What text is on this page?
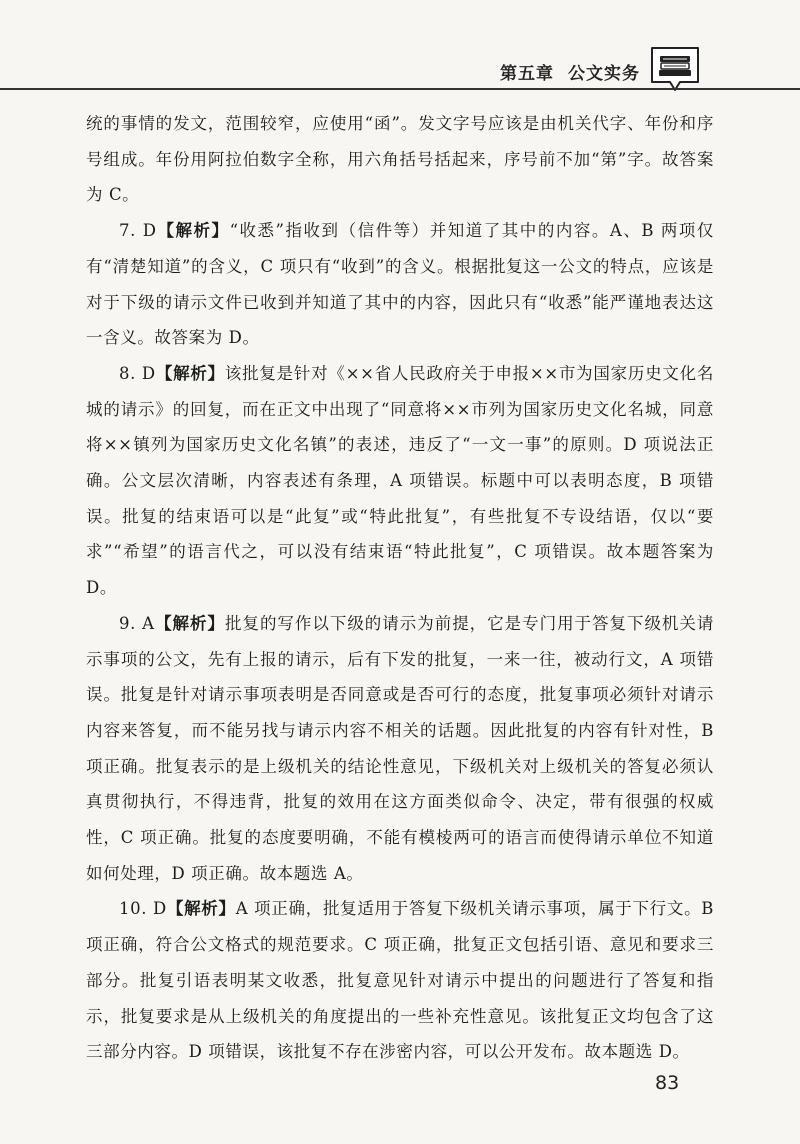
第五章 公文实务

统的事情的发文，范围较窄，应使用“函”。发文字号应该是由机关代字、年份和序号组成。年份用阿拉伯数字全称，用六角括号括起来，序号前不加“第”字。故答案为 C。

7. D【解析】“收悉”指收到（信件等）并知道了其中的内容。A、B 两项仅有“清楚知道”的含义，C 项只有“收到”的含义。根据批复这一公文的特点，应该是对于下级的请示文件已收到并知道了其中的内容，因此只有“收悉”能严谨地表达这一含义。故答案为 D。

8. D【解析】该批复是针对《××省人民政府关于申报××市为国家历史文化名城的请示》的回复，而在正文中出现了“同意将××市列为国家历史文化名城，同意将××镇列为国家历史文化名镇”的表述，违反了“一文一事”的原则。D 项说法正确。公文层次清晰，内容表述有条理，A 项错误。标题中可以表明态度，B 项错误。批复的结束语可以是“此复”或“特此批复”，有些批复不专设结语，仅以“要求”“希望”的语言代之，可以没有结束语“特此批复”，C 项错误。故本题答案为 D。

9. A【解析】批复的写作以下级的请示为前提，它是专门用于答复下级机关请示事项的公文，先有上报的请示，后有下发的批复，一来一往，被动行文，A 项错误。批复是针对请示事项表明是否同意或是否可行的态度，批复事项必须针对请示内容来答复，而不能另找与请示内容不相关的话题。因此批复的内容有针对性，B 项正确。批复表示的是上级机关的结论性意见，下级机关对上级机关的答复必须认真贯彻执行，不得违背，批复的效用在这方面类似命令、决定，带有很强的权威性，C 项正确。批复的态度要明确，不能有模棱两可的语言而使得请示单位不知道如何处理，D 项正确。故本题选 A。

10. D【解析】A 项正确，批复适用于答复下级机关请示事项，属于下行文。B 项正确，符合公文格式的规范要求。C 项正确，批复正文包括引语、意见和要求三部分。批复引语表明某文收悉，批复意见针对请示中提出的问题进行了答复和指示，批复要求是从上级机关的角度提出的一些补充性意见。该批复正文均包含了这三部分内容。D 项错误，该批复不存在涉密内容，可以公开发布。故本题选 D。

83
